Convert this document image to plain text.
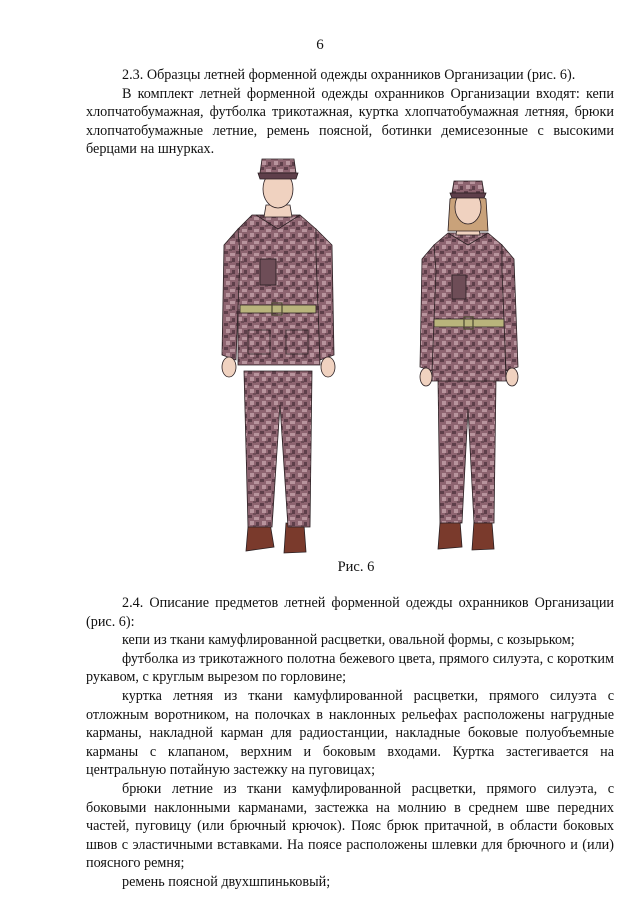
6
2.3. Образцы летней форменной одежды охранников Организации (рис. 6).
В комплект летней форменной одежды охранников Организации входят: кепи хлопчатобумажная, футболка трикотажная, куртка хлопчатобумажная летняя, брюки хлопчатобумажные летние, ремень поясной, ботинки демисезонные с высокими берцами на шнурках.
Рис. 6

2.4. Описание предметов летней форменной одежды охранников Организации (рис. 6):

кепи из ткани камуфлированной расцветки, овальной формы, с козырьком;

футболка из трикотажного полотна бежевого цвета, прямого силуэта, с коротким рукавом, с круглым вырезом по горловине;

куртка летняя из ткани камуфлированной расцветки, прямого силуэта с отложным воротником, на полочках в наклонных рельефах расположены нагрудные карманы, накладной карман для радиостанции, накладные боковые полуобъемные карманы с клапаном, верхним и боковым входами. Куртка застегивается на центральную потайную застежку на пуговицах;

брюки летние из ткани камуфлированной расцветки, прямого силуэта, с боковыми наклонными карманами, застежка на молнию в среднем шве передних частей, пуговицу (или брючный крючок). Пояс брюк притачной, в области боковых швов с эластичными вставками. На поясе расположены шлевки для брючного и (или) поясного ремня;

ремень поясной двухшпиньковый;
